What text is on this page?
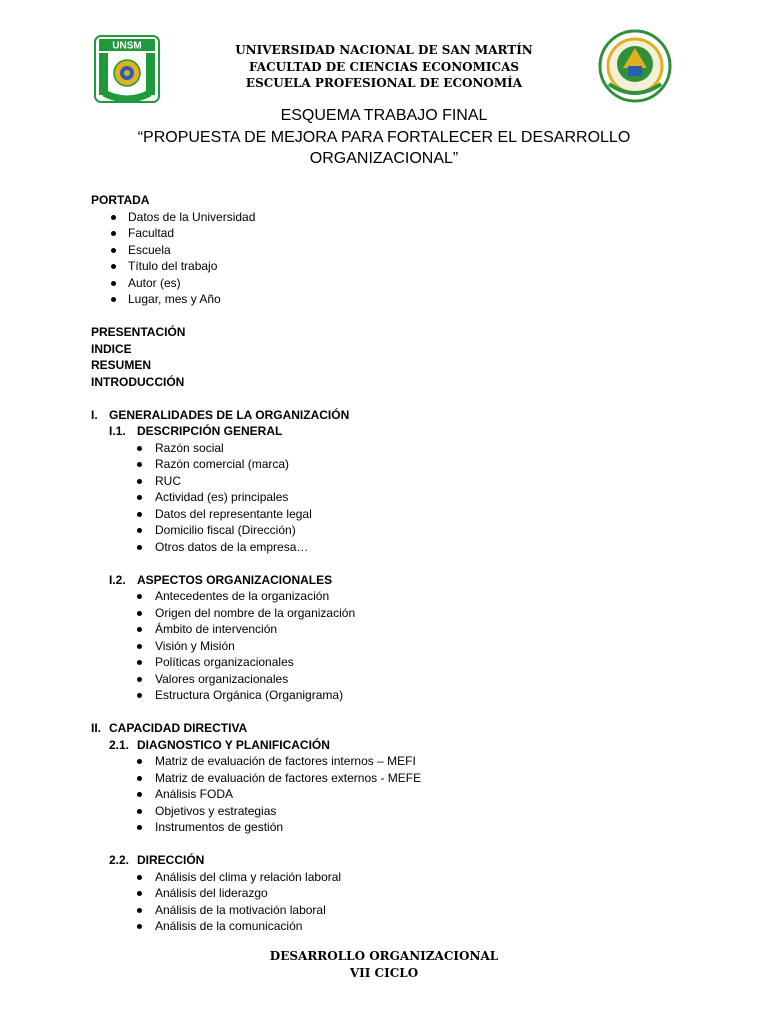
UNSM	UNIVERSIDAD NACIONAL DE SAN MARTÍN
FACULTAD DE CIENCIAS ECONOMICAS
ESCUELA PROFESIONAL DE ECONOMÍA
ESQUEMA TRABAJO FINAL
“PROPUESTA DE MEJORA PARA FORTALECER EL DESARROLLO
ORGANIZACIONAL”
PORTADA
Datos de la Universidad
Facultad
Escuela
Título del trabajo
Autor (es)
Lugar, mes y Año
PRESENTACIÓN
INDICE
RESUMEN
INTRODUCCIÓN
I. GENERALIDADES DE LA ORGANIZACIÓN
I.1. DESCRIPCIÓN GENERAL
Razón social
Razón comercial (marca)
RUC
Actividad (es) principales
Datos del representante legal
Domicilio fiscal (Dirección)
Otros datos de la empresa…
I.2. ASPECTOS ORGANIZACIONALES
Antecedentes de la organización
Origen del nombre de la organización
Ámbito de intervención
Visión y Misión
Políticas organizacionales
Valores organizacionales
Estructura Orgánica (Organigrama)
II. CAPACIDAD DIRECTIVA
2.1. DIAGNOSTICO Y PLANIFICACIÓN
Matriz de evaluación de factores internos – MEFI
Matriz de evaluación de factores externos - MEFE
Análisis FODA
Objetivos y estrategias
Instrumentos de gestión
2.2. DIRECCIÓN
Análisis del clima y relación laboral
Análisis del liderazgo
Análisis de la motivación laboral
Análisis de la comunicación
DESARROLLO ORGANIZACIONAL
VII CICLO
